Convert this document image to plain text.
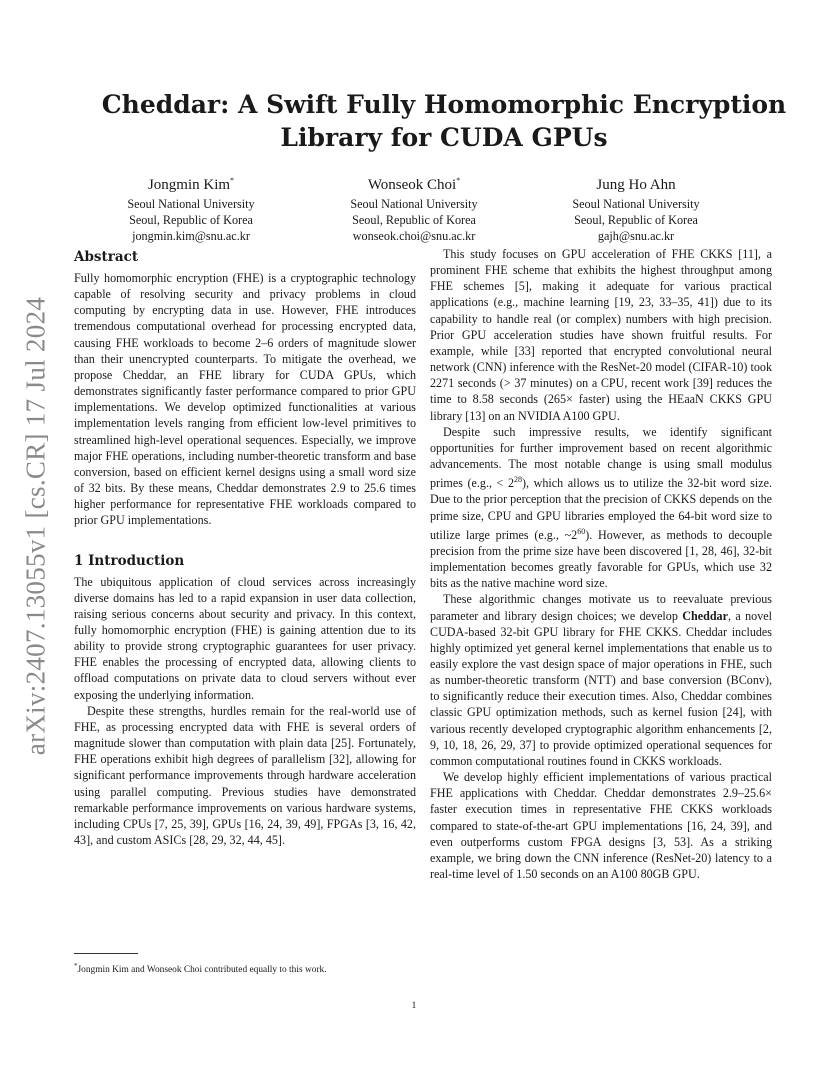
arXiv:2407.13055v1 [cs.CR] 17 Jul 2024
Cheddar: A Swift Fully Homomorphic Encryption
Library for CUDA GPUs
Jongmin Kim*
Seoul National University
Seoul, Republic of Korea
jongmin.kim@snu.ac.kr
Wonseok Choi*
Seoul National University
Seoul, Republic of Korea
wonseok.choi@snu.ac.kr
Jung Ho Ahn
Seoul National University
Seoul, Republic of Korea
gajh@snu.ac.kr
Abstract

Fully homomorphic encryption (FHE) is a cryptographic technology capable of resolving security and privacy problems in cloud computing by encrypting data in use. However, FHE introduces tremendous computational overhead for processing encrypted data, causing FHE workloads to become 2–6 orders of magnitude slower than their unencrypted counterparts. To mitigate the overhead, we propose Cheddar, an FHE library for CUDA GPUs, which demonstrates significantly faster performance compared to prior GPU implementations. We develop optimized functionalities at various implementation levels ranging from efficient low-level primitives to streamlined high-level operational sequences. Especially, we improve major FHE operations, including number-theoretic transform and base conversion, based on efficient kernel designs using a small word size of 32 bits. By these means, Cheddar demonstrates 2.9 to 25.6 times higher performance for representative FHE workloads compared to prior GPU implementations.

1 Introduction

The ubiquitous application of cloud services across increasingly diverse domains has led to a rapid expansion in user data collection, raising serious concerns about security and privacy. In this context, fully homomorphic encryption (FHE) is gaining attention due to its ability to provide strong cryptographic guarantees for user privacy. FHE enables the processing of encrypted data, allowing clients to offload computations on private data to cloud servers without ever exposing the underlying information.

Despite these strengths, hurdles remain for the real-world use of FHE, as processing encrypted data with FHE is several orders of magnitude slower than computation with plain data [25]. Fortunately, FHE operations exhibit high degrees of parallelism [32], allowing for significant performance improvements through hardware acceleration using parallel computing. Previous studies have demonstrated remarkable performance improvements on various hardware systems, including CPUs [7, 25, 39], GPUs [16, 24, 39, 49], FPGAs [3, 16, 42, 43], and custom ASICs [28, 29, 32, 44, 45].

This study focuses on GPU acceleration of FHE CKKS [11], a prominent FHE scheme that exhibits the highest throughput among FHE schemes [5], making it adequate for various practical applications (e.g., machine learning [19, 23, 33–35, 41]) due to its capability to handle real (or complex) numbers with high precision. Prior GPU acceleration studies have shown fruitful results. For example, while [33] reported that encrypted convolutional neural network (CNN) inference with the ResNet-20 model (CIFAR-10) took 2271 seconds (> 37 minutes) on a CPU, recent work [39] reduces the time to 8.58 seconds (265× faster) using the HEaaN CKKS GPU library [13] on an NVIDIA A100 GPU.

Despite such impressive results, we identify significant opportunities for further improvement based on recent algorithmic advancements. The most notable change is using small modulus primes (e.g., < $2^{28}$), which allows us to utilize the 32-bit word size. Due to the prior perception that the precision of CKKS depends on the prime size, CPU and GPU libraries employed the 64-bit word size to utilize large primes (e.g., $\sim 2^{60}$). However, as methods to decouple precision from the prime size have been discovered [1, 28, 46], 32-bit implementation becomes greatly favorable for GPUs, which use 32 bits as the native machine word size.

These algorithmic changes motivate us to reevaluate previous parameter and library design choices; we develop Cheddar, a novel CUDA-based 32-bit GPU library for FHE CKKS. Cheddar includes highly optimized yet general kernel implementations that enable us to easily explore the vast design space of major operations in FHE, such as number-theoretic transform (NTT) and base conversion (BConv), to significantly reduce their execution times. Also, Cheddar combines classic GPU optimization methods, such as kernel fusion [24], with various recently developed cryptographic algorithm enhancements [2, 9, 10, 18, 26, 29, 37] to provide optimized operational sequences for common computational routines found in CKKS workloads.

We develop highly efficient implementations of various practical FHE applications with Cheddar. Cheddar demonstrates 2.9–25.6× faster execution times in representative FHE CKKS workloads compared to state-of-the-art GPU implementations [16, 24, 39], and even outperforms custom FPGA designs [3, 53]. As a striking example, we bring down the CNN inference (ResNet-20) latency to a real-time level of 1.50 seconds on an A100 80GB GPU.

*Jongmin Kim and Wonseok Choi contributed equally to this work.
1
